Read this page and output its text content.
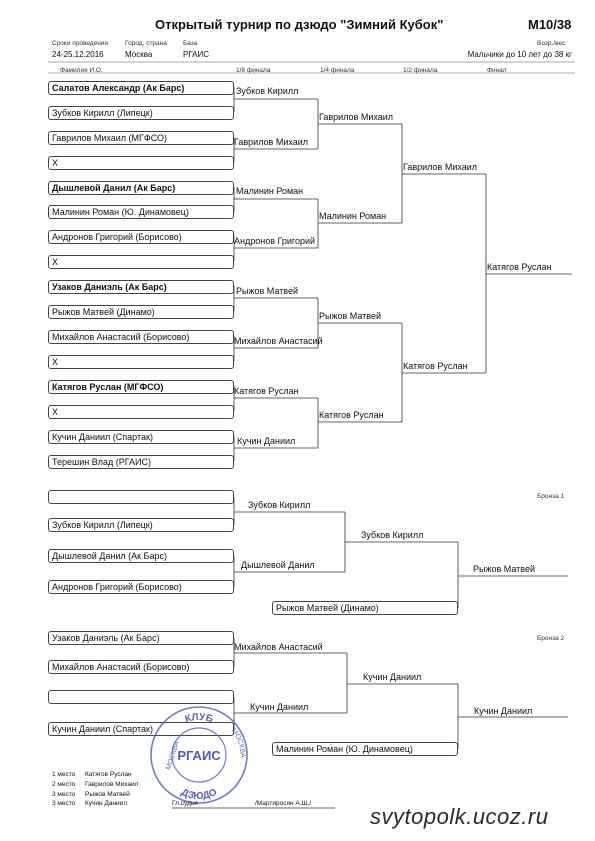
Открытый турнир по дзюдо "Зимний Кубок"	М10/38
Сроки проведения	Город, страна База	Возр./вес
24-25.12.2016	Москва	РГАИС	Мальчики до 10 лет до 38 кг
Фамилия И.О.	1/8 финала	1/4 финала	1/2 финала	Финал
Салатов Александр (Ак Барс)
Зубков Кирилл (Липецк)
Гаврилов Михаил (МГФСО)
X
Дышлевой Данил (Ак Барс)
Малинин Роман (Ю. Динамовец)
Андронов Григорий (Борисово)
X
Узаков Даниэль (Ак Барс)
Рыжов Матвей (Динамо)
Михайлов Анастасий (Борисово)
X
Катягов Руслан (МГФСО)
X
Кучин Даниил (Спартак)
Терешин Влад (РГАИС)
Зубков Кирилл
Гаврилов Михаил
Малинин Роман
Андронов Григорий
Рыжов Матвей
Михайлов Анастасий
Катягов Руслан
Кучин Даниил
Гаврилов Михаил
Малинин Роман
Рыжов Матвей
Катягов Руслан
Гаврилов Михаил
Катягов Руслан
Катягов Руслан
Бронза 1
Зубков Кирилл (Липецк)
Дышлевой Данил (Ак Барс)
Андронов Григорий (Борисово)
Зубков Кирилл
Дышлевой Данил
Зубков Кирилл
Рыжов Матвей (Динамо)
Рыжов Матвей
Бронза 2
Узаков Даниэль (Ак Барс)
Михайлов Анастасий (Борисово)
Кучин Даниил (Спартак)
Михайлов Анастасий
Кучин Даниил
Кучин Даниил
Малинин Роман (Ю. Динамовец)
Кучин Даниил
КЛУБ
МОСКВА
МОСКВА
ДЗЮДО
РГАИС
1 место Катягов Руслан
2 место Гаврилов Михаил
3 место Рыжов Матвей
3 место Кучин Даниил	Гл.судья	/Мартиросян А.Ш./
svytopolk.ucoz.ru
